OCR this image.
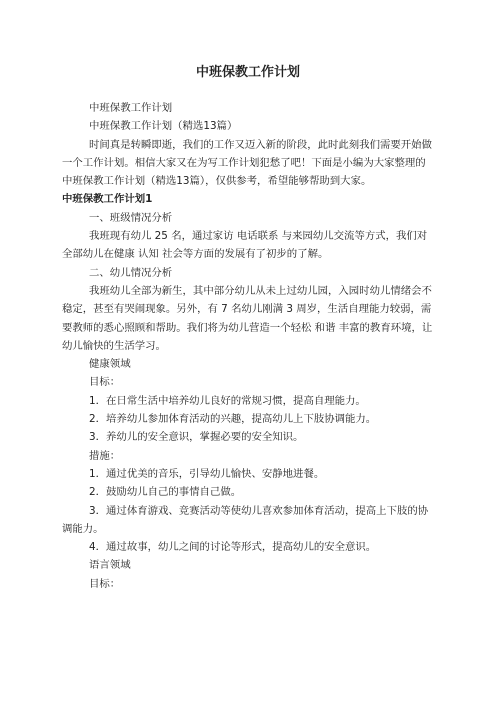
中班保教工作计划

中班保教工作计划

中班保教工作计划（精选13篇）

时间真是转瞬即逝，我们的工作又迈入新的阶段，此时此刻我们需要开始做一个工作计划。相信大家又在为写工作计划犯愁了吧！下面是小编为大家整理的中班保教工作计划（精选13篇），仅供参考，希望能够帮助到大家。

中班保教工作计划1

一、班级情况分析

我班现有幼儿 25 名，通过家访 电话联系 与来园幼儿交流等方式，我们对全部幼儿在健康 认知 社会等方面的发展有了初步的了解。

二、幼儿情况分析

我班幼儿全部为新生，其中部分幼儿从未上过幼儿园，入园时幼儿情绪会不稳定，甚至有哭闹现象。另外，有 7 名幼儿刚满 3 周岁，生活自理能力较弱，需要教师的悉心照顾和帮助。我们将为幼儿营造一个轻松 和谐 丰富的教育环境，让幼儿愉快的生活学习。

健康领域

目标：

1．在日常生活中培养幼儿良好的常规习惯，提高自理能力。

2．培养幼儿参加体育活动的兴趣，提高幼儿上下肢协调能力。

3．养幼儿的安全意识，掌握必要的安全知识。

措施：

1．通过优美的音乐，引导幼儿愉快、安静地进餐。

2．鼓励幼儿自己的事情自己做。

3．通过体育游戏、竞赛活动等使幼儿喜欢参加体育活动，提高上下肢的协调能力。

4．通过故事，幼儿之间的讨论等形式，提高幼儿的安全意识。

语言领域

目标：
